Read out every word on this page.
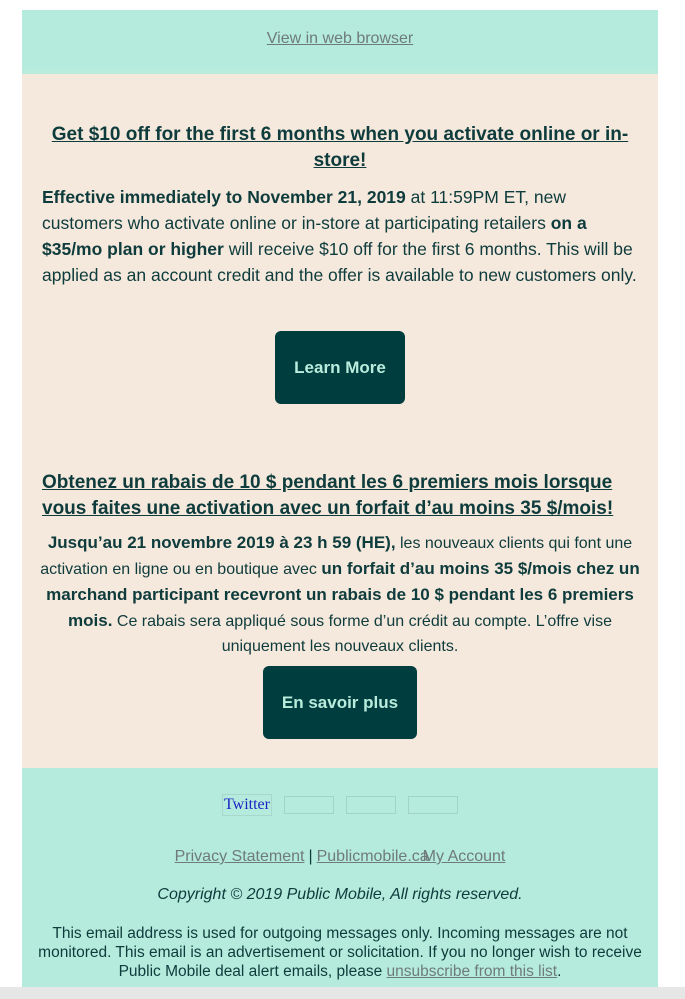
View in web browser

Get $10 off for the first 6 months when you activate online or in-store!

Effective immediately to November 21, 2019 at 11:59PM ET, new customers who activate online or in-store at participating retailers on a $35/mo plan or higher will receive $10 off for the first 6 months. This will be applied as an account credit and the offer is available to new customers only.

Learn More

Obtenez un rabais de 10 $ pendant les 6 premiers mois lorsque vous faites une activation avec un forfait d’au moins 35 $/mois!

Jusqu’au 21 novembre 2019 à 23 h 59 (HE), les nouveaux clients qui font une activation en ligne ou en boutique avec un forfait d’au moins 35 $/mois chez un marchand participant recevront un rabais de 10 $ pendant les 6 premiers mois. Ce rabais sera appliqué sous forme d’un crédit au compte. L’offre vise uniquement les nouveaux clients.

En savoir plus
Twitter
Privacy Statement | Publicmobile.ca
My Account
Copyright © 2019 Public Mobile, All rights reserved.

This email address is used for outgoing messages only. Incoming messages are not monitored. This email is an advertisement or solicitation. If you no longer wish to receive Public Mobile deal alert emails, please unsubscribe from this list.
